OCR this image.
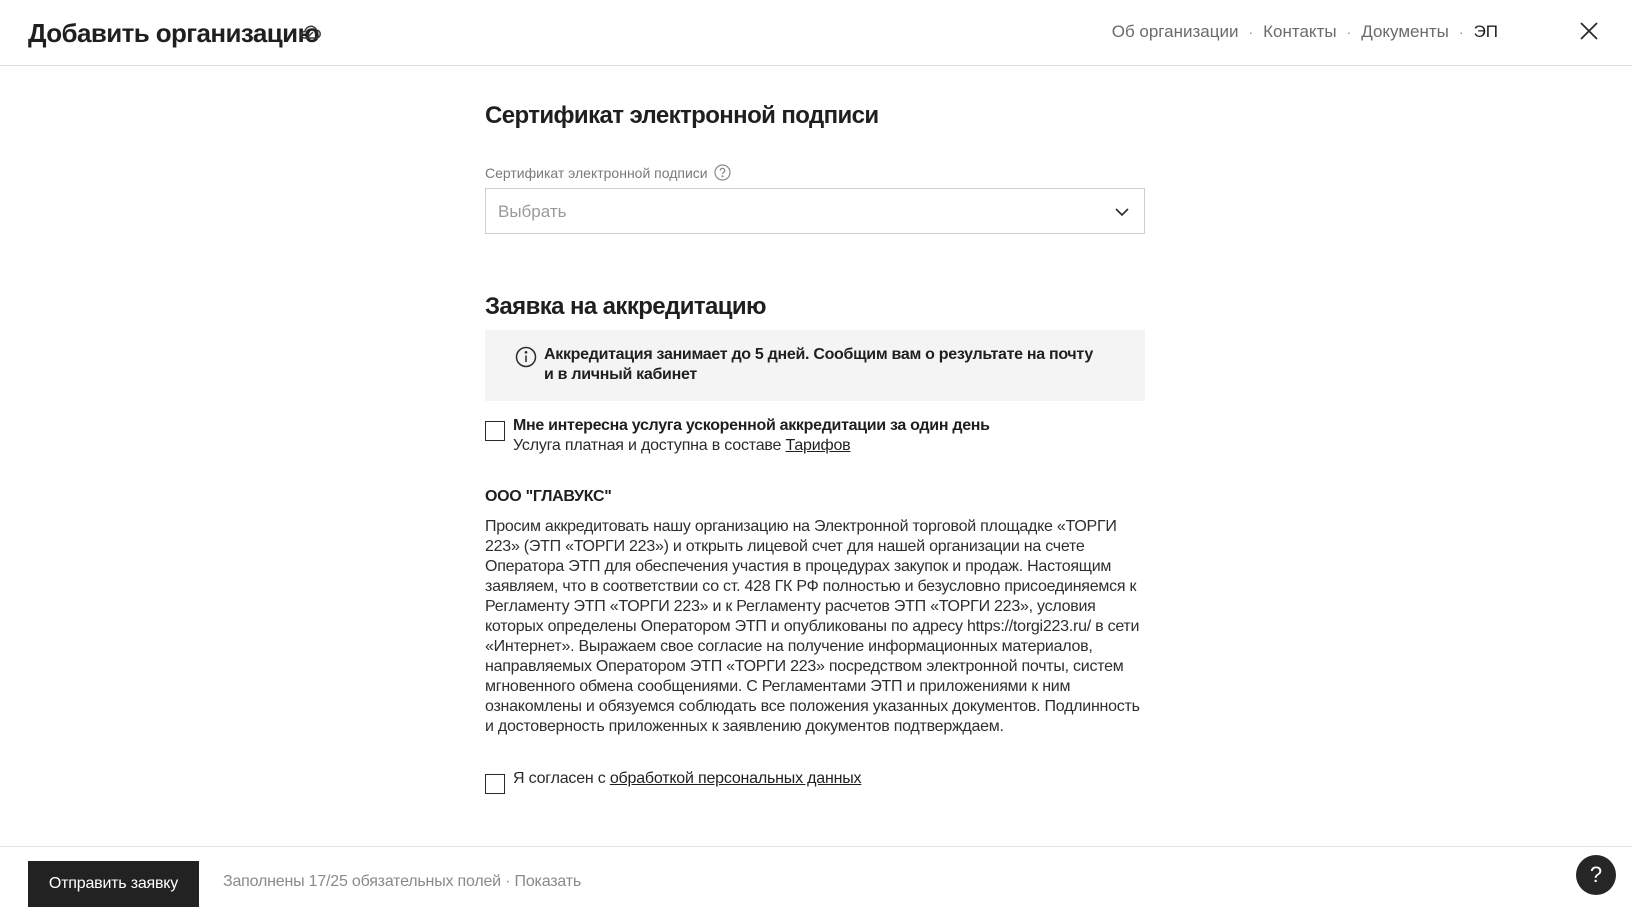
Добавить организацию	Об организации · Контакты · Документы · ЭП
Сертификат электронной подписи
Сертификат электронной подписи
Выбрать
Заявка на аккредитацию
Аккредитация занимает до 5 дней. Сообщим вам о результате на почту и в личный кабинет
Мне интересна услуга ускоренной аккредитации за один день
Услуга платная и доступна в составе Тарифов
ООО "ГЛАВУКС"
Просим аккредитовать нашу организацию на Электронной торговой площадке «ТОРГИ 223» (ЭТП «ТОРГИ 223») и открыть лицевой счет для нашей организации на счете Оператора ЭТП для обеспечения участия в процедурах закупок и продаж. Настоящим заявляем, что в соответствии со ст. 428 ГК РФ полностью и безусловно присоединяемся к Регламенту ЭТП «ТОРГИ 223» и к Регламенту расчетов ЭТП «ТОРГИ 223», условия которых определены Оператором ЭТП и опубликованы по адресу https://torgi223.ru/ в сети «Интернет». Выражаем свое согласие на получение информационных материалов, направляемых Оператором ЭТП «ТОРГИ 223» посредством электронной почты, систем мгновенного обмена сообщениями. С Регламентами ЭТП и приложениями к ним ознакомлены и обязуемся соблюдать все положения указанных документов. Подлинность и достоверность приложенных к заявлению документов подтверждаем.
Я согласен с обработкой персональных данных
Отправить заявку	Заполнены 17/25 обязательных полей · Показать	?
